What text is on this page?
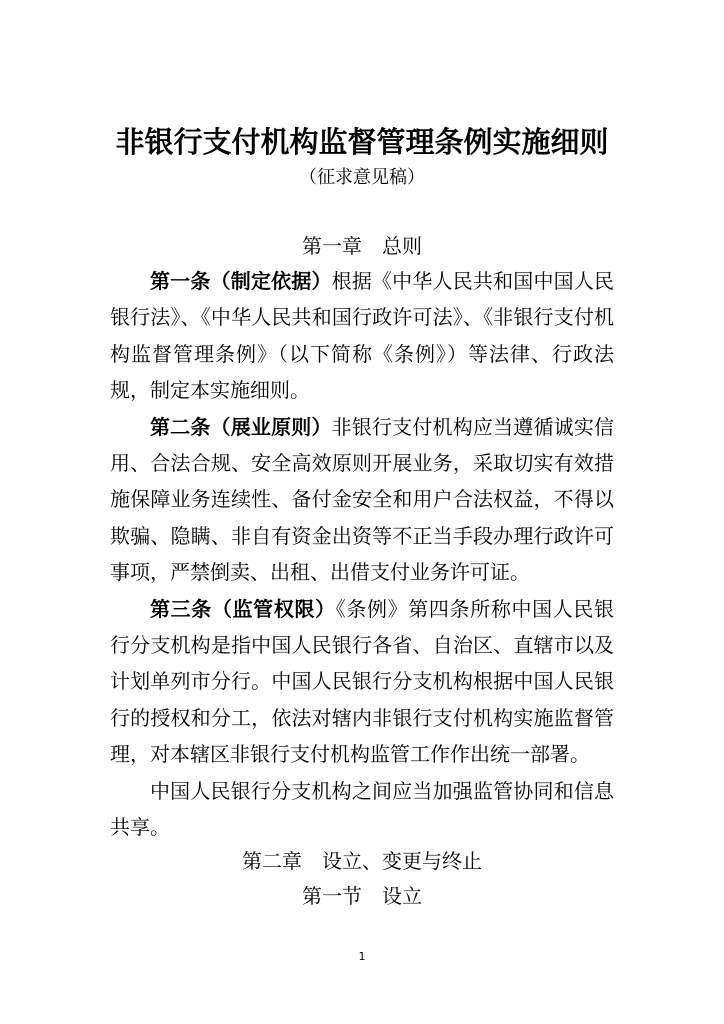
非银行支付机构监督管理条例实施细则
（征求意见稿）
第一章 总则

第一条（制定依据）根据《中华人民共和国中国人民银行法》、《中华人民共和国行政许可法》、《非银行支付机构监督管理条例》（以下简称《条例》）等法律、行政法规，制定本实施细则。

第二条（展业原则）非银行支付机构应当遵循诚实信用、合法合规、安全高效原则开展业务，采取切实有效措施保障业务连续性、备付金安全和用户合法权益，不得以欺骗、隐瞒、非自有资金出资等不正当手段办理行政许可事项，严禁倒卖、出租、出借支付业务许可证。

第三条（监管权限）《条例》第四条所称中国人民银行分支机构是指中国人民银行各省、自治区、直辖市以及计划单列市分行。中国人民银行分支机构根据中国人民银行的授权和分工，依法对辖内非银行支付机构实施监督管理，对本辖区非银行支付机构监管工作作出统一部署。

中国人民银行分支机构之间应当加强监管协同和信息共享。

第二章 设立、变更与终止
第一节 设立
1
